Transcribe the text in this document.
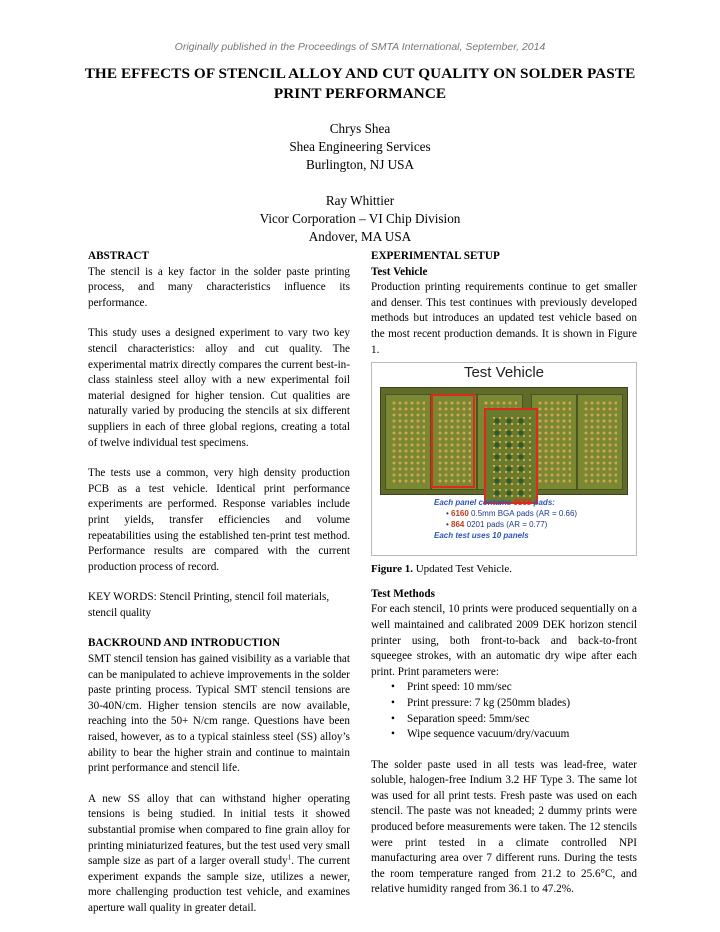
Originally published in the Proceedings of SMTA International, September, 2014
THE EFFECTS OF STENCIL ALLOY AND CUT QUALITY ON SOLDER PASTE PRINT PERFORMANCE
Chrys Shea
Shea Engineering Services
Burlington, NJ USA
Ray Whittier
Vicor Corporation – VI Chip Division
Andover, MA USA

ABSTRACT

The stencil is a key factor in the solder paste printing process, and many characteristics influence its performance.

This study uses a designed experiment to vary two key stencil characteristics: alloy and cut quality. The experimental matrix directly compares the current best-in-class stainless steel alloy with a new experimental foil material designed for higher tension. Cut qualities are naturally varied by producing the stencils at six different suppliers in each of three global regions, creating a total of twelve individual test specimens.

The tests use a common, very high density production PCB as a test vehicle. Identical print performance experiments are performed. Response variables include print yields, transfer efficiencies and volume repeatabilities using the established ten-print test method. Performance results are compared with the current production process of record.

KEY WORDS: Stencil Printing, stencil foil materials, stencil quality

BACKROUND AND INTRODUCTION

SMT stencil tension has gained visibility as a variable that can be manipulated to achieve improvements in the solder paste printing process. Typical SMT stencil tensions are 30-40N/cm. Higher tension stencils are now available, reaching into the 50+ N/cm range. Questions have been raised, however, as to a typical stainless steel (SS) alloy’s ability to bear the higher strain and continue to maintain print performance and stencil life.

A new SS alloy that can withstand higher operating tensions is being studied. In initial tests it showed substantial promise when compared to fine grain alloy for printing miniaturized features, but the test used very small sample size as part of a larger overall study$^1$. The current experiment expands the sample size, utilizes a newer, more challenging production test vehicle, and examines aperture wall quality in greater detail.

EXPERIMENTAL SETUP

Test Vehicle

Production printing requirements continue to get smaller and denser. This test continues with previously developed methods but introduces an updated test vehicle based on the most recent production demands. It is shown in Figure 1.

Test Vehicle
Each panel contains 9568 pads:
• 6160 0.5mm BGA pads (AR = 0.66)
• 864 0201 pads (AR = 0.77)
Each test uses 10 panels

Figure 1. Updated Test Vehicle.

Test Methods

For each stencil, 10 prints were produced sequentially on a well maintained and calibrated 2009 DEK horizon stencil printer using, both front-to-back and back-to-front squeegee strokes, with an automatic dry wipe after each print. Print parameters were:

• Print speed: 10 mm/sec
• Print pressure: 7 kg (250mm blades)
• Separation speed: 5mm/sec
• Wipe sequence vacuum/dry/vacuum

The solder paste used in all tests was lead-free, water soluble, halogen-free Indium 3.2 HF Type 3. The same lot was used for all print tests. Fresh paste was used on each stencil. The paste was not kneaded; 2 dummy prints were produced before measurements were taken. The 12 stencils were print tested in a climate controlled NPI manufacturing area over 7 different runs. During the tests the room temperature ranged from 21.2 to 25.6°C, and relative humidity ranged from 36.1 to 47.2%.
